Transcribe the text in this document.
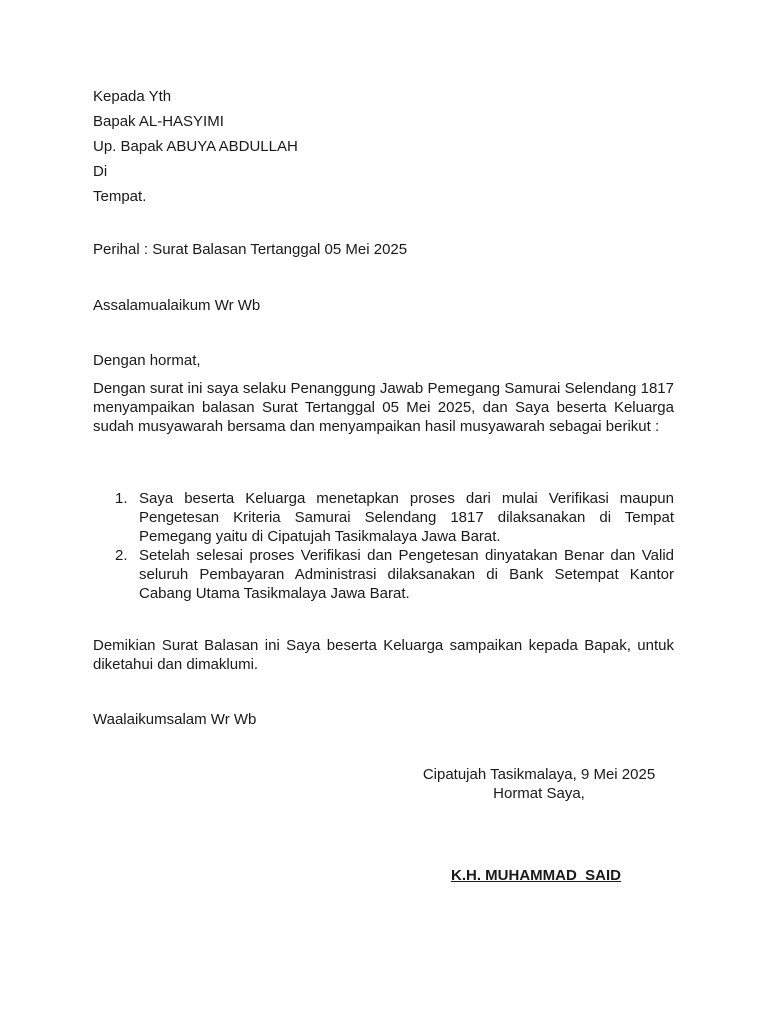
Kepada Yth
Bapak AL-HASYIMI
Up. Bapak ABUYA ABDULLAH
Di
Tempat.
Perihal : Surat Balasan Tertanggal 05 Mei 2025
Assalamualaikum Wr Wb
Dengan hormat,
Dengan surat ini saya selaku Penanggung Jawab Pemegang Samurai Selendang 1817 menyampaikan balasan Surat Tertanggal 05 Mei 2025, dan Saya beserta Keluarga sudah musyawarah bersama dan menyampaikan hasil musyawarah sebagai berikut :
1. Saya beserta Keluarga menetapkan proses dari mulai Verifikasi maupun Pengetesan Kriteria Samurai Selendang 1817 dilaksanakan di Tempat Pemegang yaitu di Cipatujah Tasikmalaya Jawa Barat.
2. Setelah selesai proses Verifikasi dan Pengetesan dinyatakan Benar dan Valid seluruh Pembayaran Administrasi dilaksanakan di Bank Setempat Kantor Cabang Utama Tasikmalaya Jawa Barat.
Demikian Surat Balasan ini Saya beserta Keluarga sampaikan kepada Bapak, untuk diketahui dan dimaklumi.
Waalaikumsalam Wr Wb
Cipatujah Tasikmalaya, 9 Mei 2025
Hormat Saya,
K.H. MUHAMMAD  SAID
